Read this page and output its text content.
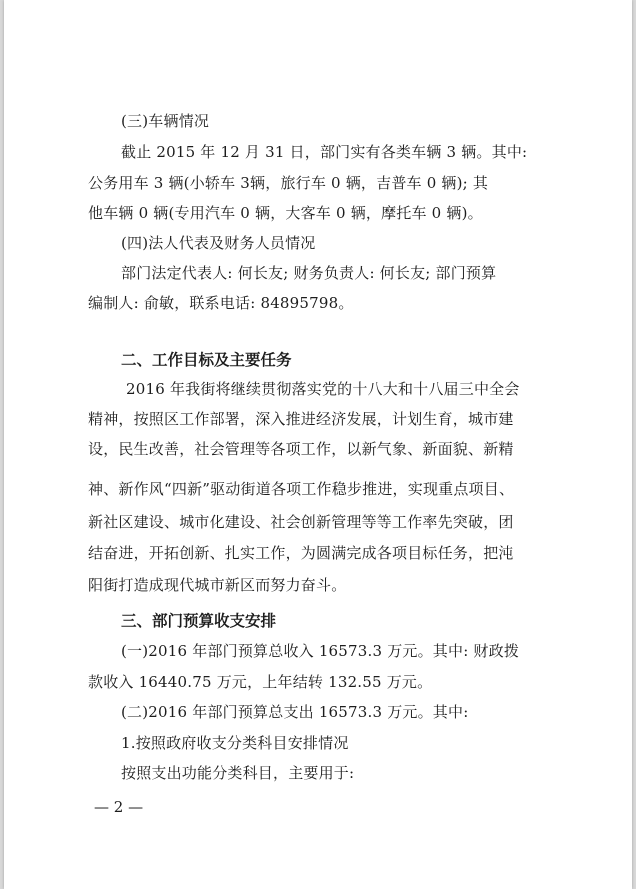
(三)车辆情况
截止 2015 年 12 月 31 日，部门实有各类车辆 3 辆。其中:
公务用车 3 辆(小轿车 3辆，旅行车 0 辆，吉普车 0 辆); 其
他车辆 0 辆(专用汽车 0 辆，大客车 0 辆，摩托车 0 辆)。
(四)法人代表及财务人员情况
部门法定代表人: 何长友; 财务负责人: 何长友; 部门预算
编制人: 俞敏，联系电话: 84895798。
二、工作目标及主要任务
2016 年我街将继续贯彻落实党的十八大和十八届三中全会
精神，按照区工作部署，深入推进经济发展，计划生育，城市建
设，民生改善，社会管理等各项工作，以新气象、新面貌、新精
神、新作风“四新”驱动街道各项工作稳步推进，实现重点项目、
新社区建设、城市化建设、社会创新管理等等工作率先突破，团
结奋进，开拓创新、扎实工作，为圆满完成各项目标任务，把沌
阳街打造成现代城市新区而努力奋斗。
三、部门预算收支安排
(一)2016 年部门预算总收入 16573.3 万元。其中: 财政拨
款收入 16440.75 万元，上年结转 132.55 万元。
(二)2016 年部门预算总支出 16573.3 万元。其中:
1.按照政府收支分类科目安排情况
按照支出功能分类科目，主要用于:
— 2 —
